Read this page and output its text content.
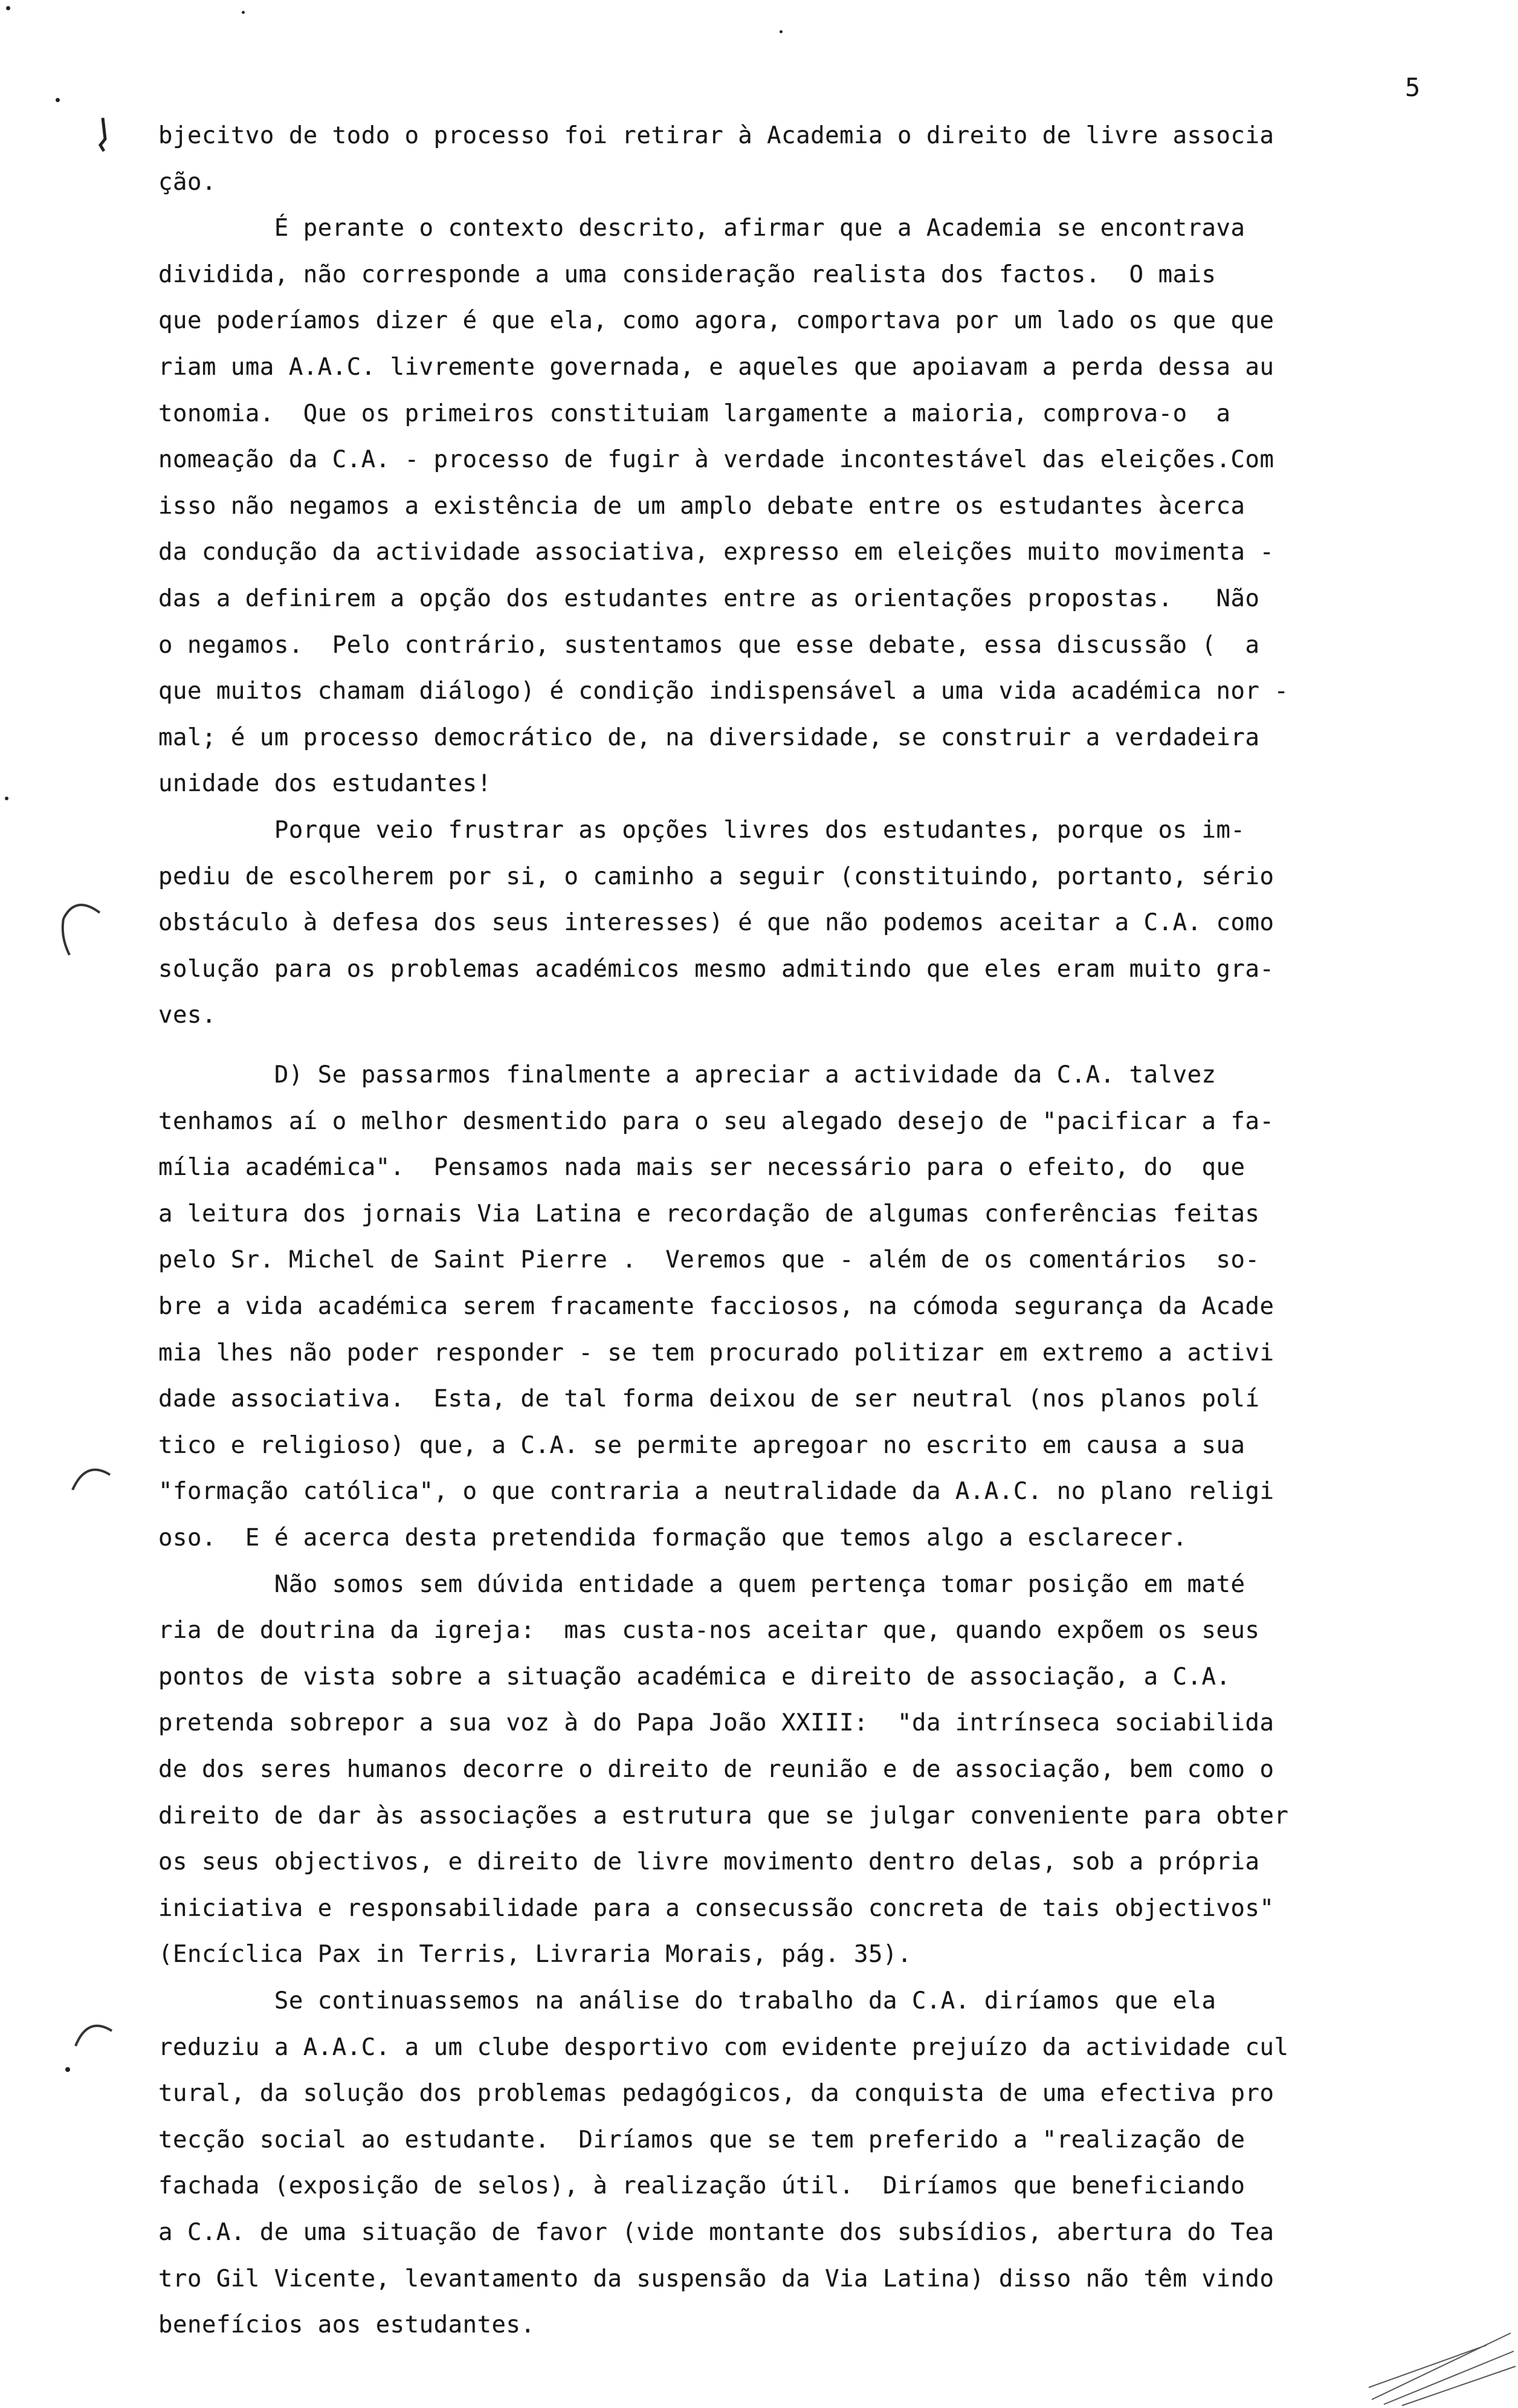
5
bjecitvo de todo o processo foi retirar à Academia o direito de livre associa
ção.
É perante o contexto descrito, afirmar que a Academia se encontrava
dividida, não corresponde a uma consideração realista dos factos.  O mais
que poderíamos dizer é que ela, como agora, comportava por um lado os que que
riam uma A.A.C. livremente governada, e aqueles que apoiavam a perda dessa au
tonomia.  Que os primeiros constituiam largamente a maioria, comprova-o  a
nomeação da C.A. - processo de fugir à verdade incontestável das eleições.Com
isso não negamos a existência de um amplo debate entre os estudantes àcerca
da condução da actividade associativa, expresso em eleições muito movimenta -
das a definirem a opção dos estudantes entre as orientações propostas.   Não
o negamos.  Pelo contrário, sustentamos que esse debate, essa discussão (  a
que muitos chamam diálogo) é condição indispensável a uma vida académica nor -
mal; é um processo democrático de, na diversidade, se construir a verdadeira
unidade dos estudantes!
Porque veio frustrar as opções livres dos estudantes, porque os im-
pediu de escolherem por si, o caminho a seguir (constituindo, portanto, sério
obstáculo à defesa dos seus interesses) é que não podemos aceitar a C.A. como
solução para os problemas académicos mesmo admitindo que eles eram muito gra-
ves.
D) Se passarmos finalmente a apreciar a actividade da C.A. talvez
tenhamos aí o melhor desmentido para o seu alegado desejo de "pacificar a fa-
mília académica".  Pensamos nada mais ser necessário para o efeito, do  que
a leitura dos jornais Via Latina e recordação de algumas conferências feitas
pelo Sr. Michel de Saint Pierre .  Veremos que - além de os comentários  so-
bre a vida académica serem fracamente facciosos, na cómoda segurança da Acade
mia lhes não poder responder - se tem procurado politizar em extremo a activi
dade associativa.  Esta, de tal forma deixou de ser neutral (nos planos polí
tico e religioso) que, a C.A. se permite apregoar no escrito em causa a sua
"formação católica", o que contraria a neutralidade da A.A.C. no plano religi
oso.  E é acerca desta pretendida formação que temos algo a esclarecer.
Não somos sem dúvida entidade a quem pertença tomar posição em maté
ria de doutrina da igreja:  mas custa-nos aceitar que, quando expõem os seus
pontos de vista sobre a situação académica e direito de associação, a C.A.
pretenda sobrepor a sua voz à do Papa João XXIII:  "da intrínseca sociabilida
de dos seres humanos decorre o direito de reunião e de associação, bem como o
direito de dar às associações a estrutura que se julgar conveniente para obter
os seus objectivos, e direito de livre movimento dentro delas, sob a própria
iniciativa e responsabilidade para a consecussão concreta de tais objectivos"
(Encíclica Pax in Terris, Livraria Morais, pág. 35).
Se continuassemos na análise do trabalho da C.A. diríamos que ela
reduziu a A.A.C. a um clube desportivo com evidente prejuízo da actividade cul
tural, da solução dos problemas pedagógicos, da conquista de uma efectiva pro
tecção social ao estudante.  Diríamos que se tem preferido a "realização de
fachada (exposição de selos), à realização útil.  Diríamos que beneficiando
a C.A. de uma situação de favor (vide montante dos subsídios, abertura do Tea
tro Gil Vicente, levantamento da suspensão da Via Latina) disso não têm vindo
benefícios aos estudantes.
